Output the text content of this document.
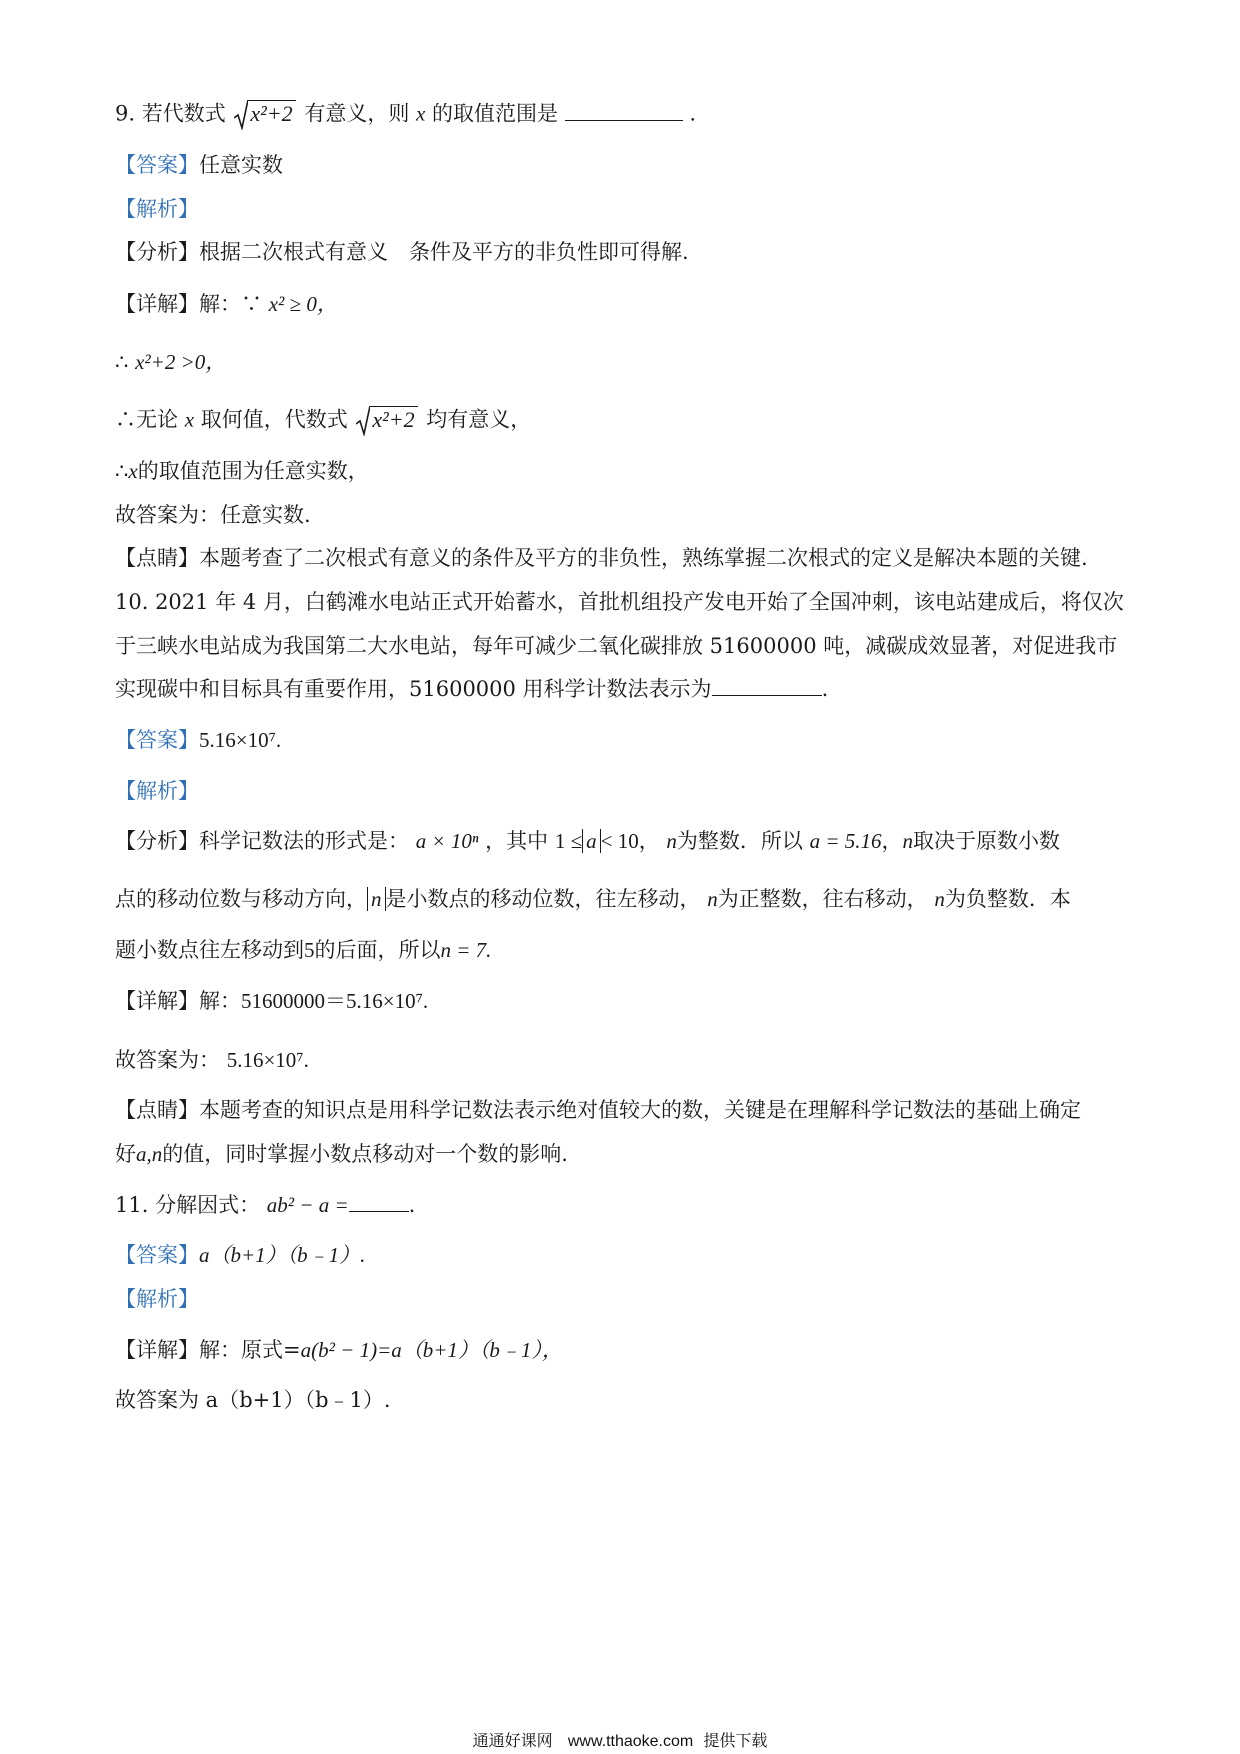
9. 若代数式 x²+2 有意义，则 x 的取值范围是	.
【答案】任意实数
【解析】
【分析】根据二次根式有意义　条件及平方的非负性即可得解.
【详解】解：∵ x² ≥ 0，
∴ x²+2 >0，
∴无论 x 取何值，代数式 x²+2 均有意义，
∴x的取值范围为任意实数，
故答案为：任意实数.
【点睛】本题考查了二次根式有意义的条件及平方的非负性，熟练掌握二次根式的定义是解决本题的关键.
10. 2021 年 4 月，白鹤滩水电站正式开始蓄水，首批机组投产发电开始了全国冲刺，该电站建成后，将仅次
于三峡水电站成为我国第二大水电站，每年可减少二氧化碳排放 51600000 吨，减碳成效显著，对促进我市
实现碳中和目标具有重要作用，51600000 用科学计数法表示为	.
【答案】5.16×10⁷.
【解析】
【分析】科学记数法的形式是： a × 10ⁿ ，其中 1 ≤ a < 10， n为整数．所以 a = 5.16，n取决于原数小数
点的移动位数与移动方向， n 是小数点的移动位数，往左移动， n为正整数，往右移动， n为负整数．本
题小数点往左移动到5的后面，所以n = 7.
【详解】解：51600000＝5.16×10⁷.
故答案为： 5.16×10⁷.
【点睛】本题考查的知识点是用科学记数法表示绝对值较大的数，关键是在理解科学记数法的基础上确定
好a,n的值，同时掌握小数点移动对一个数的影响.
11. 分解因式： ab² − a =	.
【答案】a（b+1）（b﹣1）.
【解析】
【详解】解：原式=a(b² − 1)=a（b+1）（b﹣1），
故答案为 a（b+1）（b﹣1）.
通通好课网 www.tthaoke.com 提供下载
